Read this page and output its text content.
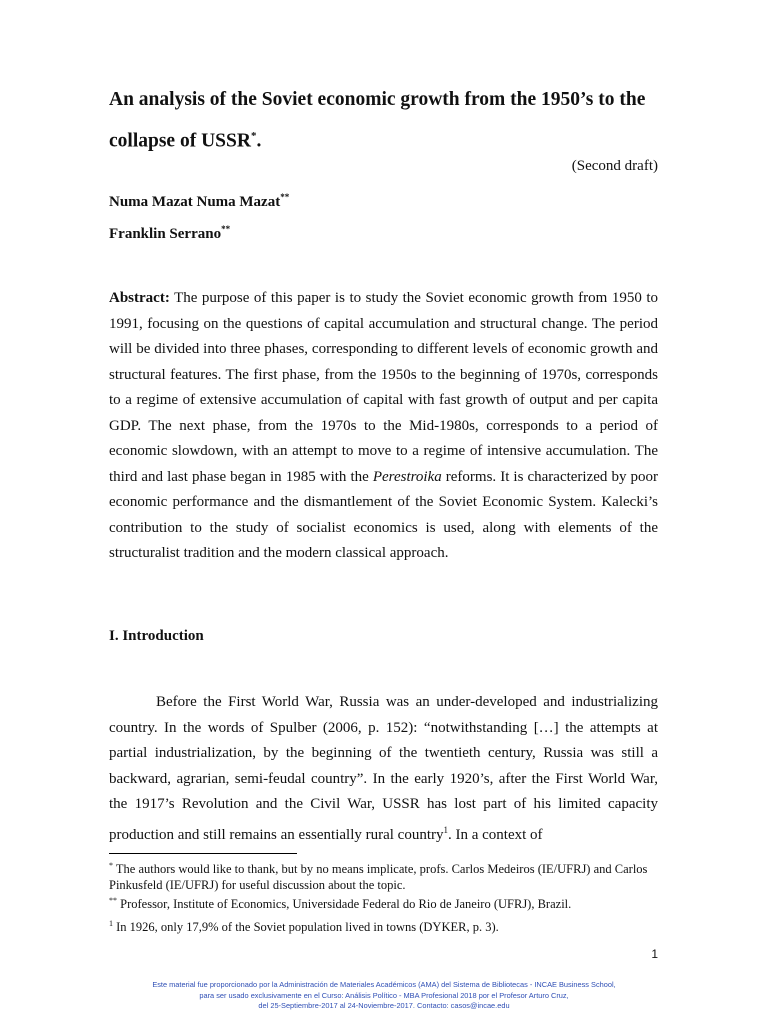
An analysis of the Soviet economic growth from the 1950’s to the collapse of USSR*.
(Second draft)
Numa Mazat Numa Mazat**
Franklin Serrano**

Abstract: The purpose of this paper is to study the Soviet economic growth from 1950 to 1991, focusing on the questions of capital accumulation and structural change. The period will be divided into three phases, corresponding to different levels of economic growth and structural features. The first phase, from the 1950s to the beginning of 1970s, corresponds to a regime of extensive accumulation of capital with fast growth of output and per capita GDP. The next phase, from the 1970s to the Mid-1980s, corresponds to a period of economic slowdown, with an attempt to move to a regime of intensive accumulation. The third and last phase began in 1985 with the Perestroika reforms. It is characterized by poor economic performance and the dismantlement of the Soviet Economic System. Kalecki’s contribution to the study of socialist economics is used, along with elements of the structuralist tradition and the modern classical approach.

I. Introduction

Before the First World War, Russia was an under-developed and industrializing country. In the words of Spulber (2006, p. 152): “notwithstanding […] the attempts at partial industrialization, by the beginning of the twentieth century, Russia was still a backward, agrarian, semi-feudal country”. In the early 1920’s, after the First World War, the 1917’s Revolution and the Civil War, USSR has lost part of his limited capacity production and still remains an essentially rural country$^1$. In a context of

* The authors would like to thank, but by no means implicate, profs. Carlos Medeiros (IE/UFRJ) and Carlos Pinkusfeld (IE/UFRJ) for useful discussion about the topic.

** Professor, Institute of Economics, Universidade Federal do Rio de Janeiro (UFRJ), Brazil.

$^1$ In 1926, only 17,9% of the Soviet population lived in towns (DYKER, p. 3).

1

Este material fue proporcionado por la Administración de Materiales Académicos (AMA) del Sistema de Bibliotecas - INCAE Business School,
para ser usado exclusivamente en el Curso: Análisis Político - MBA Profesional 2018 por el Profesor Arturo Cruz,
del 25-Septiembre-2017 al 24-Noviembre-2017. Contacto: casos@incae.edu
